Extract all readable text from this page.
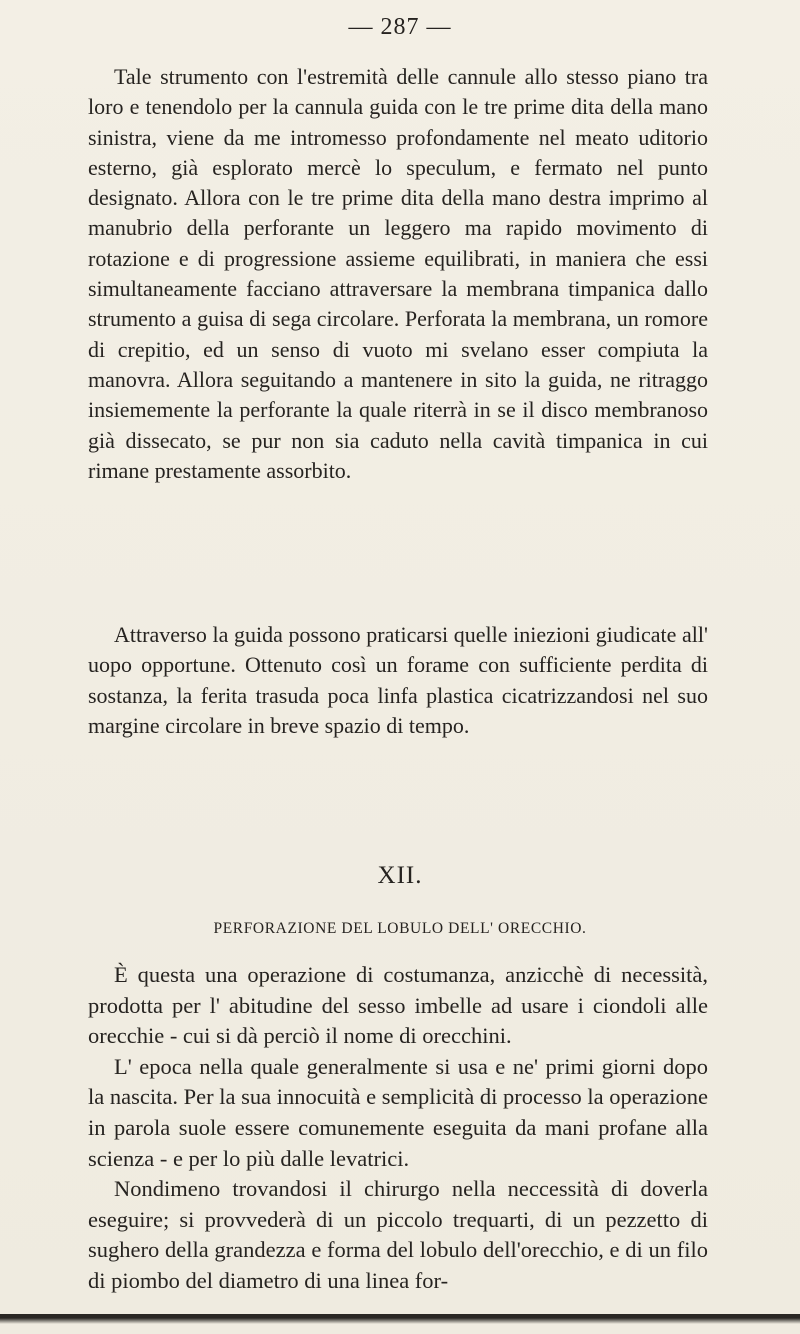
— 287 —

Tale strumento con l'estremità delle cannule allo stesso piano tra loro e tenendolo per la cannula guida con le tre prime dita della mano sinistra, viene da me intromesso profondamente nel meato uditorio esterno, già esplorato mercè lo speculum, e fermato nel punto designato. Allora con le tre prime dita della mano destra imprimo al manubrio della perforante un leggero ma rapido movimento di rotazione e di progressione assieme equilibrati, in maniera che essi simultaneamente facciano attraversare la membrana timpanica dallo strumento a guisa di sega circolare. Perforata la membrana, un romore di crepitio, ed un senso di vuoto mi svelano esser compiuta la manovra. Allora seguitando a mantenere in sito la guida, ne ritraggo insiememente la perforante la quale riterrà in se il disco membranoso già dissecato, se pur non sia caduto nella cavità timpanica in cui rimane prestamente assorbito.

Attraverso la guida possono praticarsi quelle iniezioni giudicate all' uopo opportune. Ottenuto così un forame con sufficiente perdita di sostanza, la ferita trasuda poca linfa plastica cicatrizzandosi nel suo margine circolare in breve spazio di tempo.

XII.
PERFORAZIONE DEL LOBULO DELL' ORECCHIO.

È questa una operazione di costumanza, anzicchè di necessità, prodotta per l' abitudine del sesso imbelle ad usare i ciondoli alle orecchie - cui si dà perciò il nome di orecchini.

L' epoca nella quale generalmente si usa e ne' primi giorni dopo la nascita. Per la sua innocuità e semplicità di processo la operazione in parola suole essere comunemente eseguita da mani profane alla scienza - e per lo più dalle levatrici.

Nondimeno trovandosi il chirurgo nella neccessità di doverla eseguire; si provvederà di un piccolo trequarti, di un pezzetto di sughero della grandezza e forma del lobulo dell'orecchio, e di un filo di piombo del diametro di una linea for-
